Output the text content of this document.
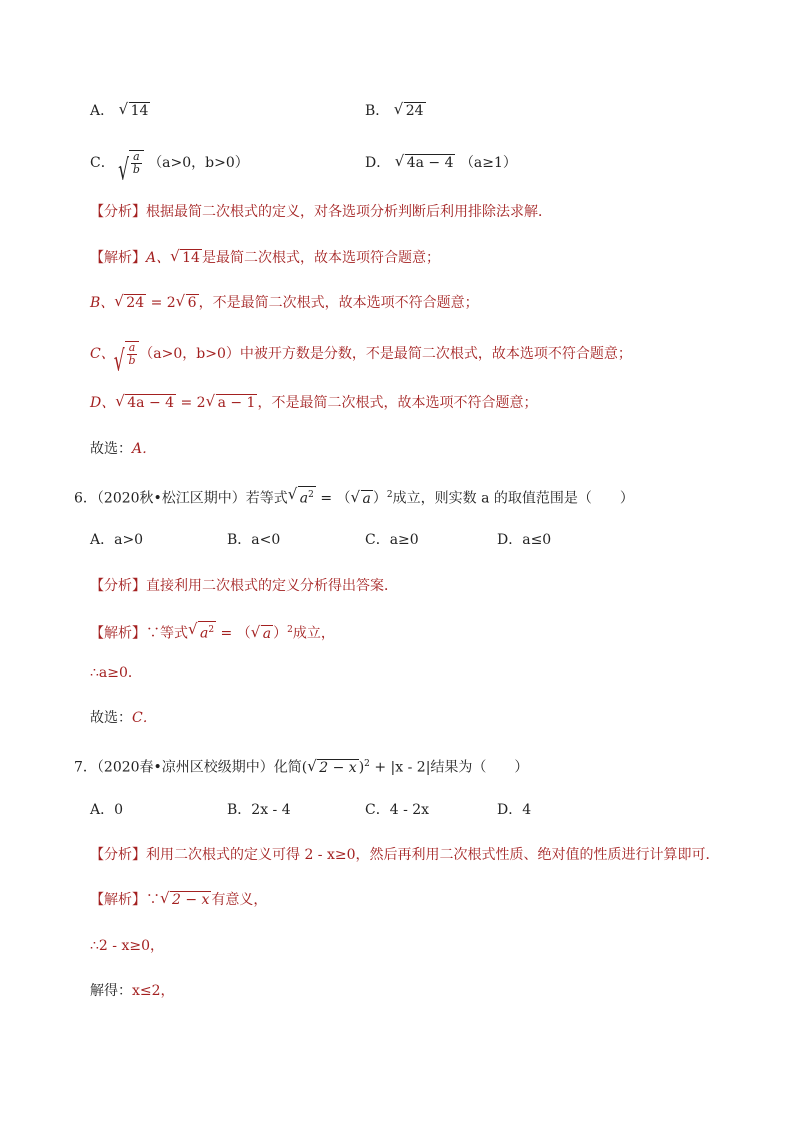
A． √ 14	B． √ 24
C． √ $\frac{a}{b} (a>0$，b>0）	D． √ 4a − 4 （a≥1）
【分析】根据最简二次根式的定义，对各选项分析判断后利用排除法求解．
【解析】A、 √ 14 是最简二次根式，故本选项符合题意；
B、 √ 24 = 2 √ 6 ，不是最简二次根式，故本选项不符合题意；
C、 √ $\frac{a}{b} (a>0$，b>0）中被开方数是分数，不是最简二次根式，故本选项不符合题意；
D、 √ 4a − 4 = 2 √ a − 1 ，不是最简二次根式，故本选项不符合题意；
故选：A．
6．（2020秋•松江区期中）若等式 √ $a^2$ = （ √ a ）$^2$成立，则实数 a 的取值范围是（　　）
A．a>0	B．a<0	C．a≥0	D．a≤0
【分析】直接利用二次根式的定义分析得出答案．
【解析】∵等式 √ $a^2$ = （ √ a ）$^2$成立，
∴a≥0．
故选：C．
7．（2020春•凉州区校级期中）化简( √ 2 − x )$^2$ + |x - 2|结果为（　　）
A．0	B．2x - 4	C．4 - 2x	D．4
【分析】利用二次根式的定义可得 2 - x≥0，然后再利用二次根式性质、绝对值的性质进行计算即可．
【解析】∵ √ 2 − x 有意义，
∴2 - x≥0，
解得：x≤2，
